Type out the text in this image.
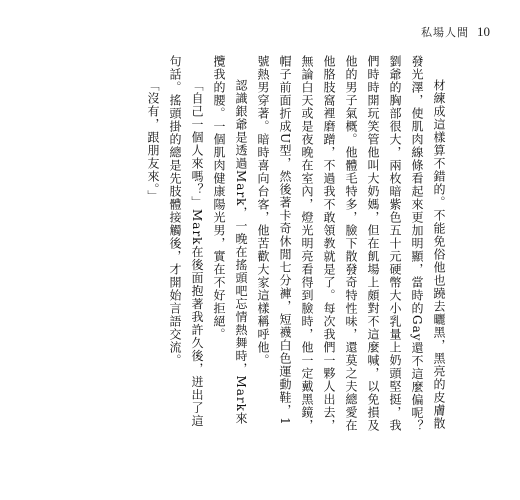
私場人間 10

材練成這樣算不錯的。不能免俗他也蹺去曬黑，黑亮的皮膚散發光澤，使肌肉線條看起來更加明顯，當時的Gay還不這麼偏呢？劉爺的胸部很大，兩枚暗紫色五十元硬幣大小乳量上奶頭堅挺，我們時時開玩笑管他叫大奶媽，但在飢場上頗對不這麼喊，以免損及他的男子氣概。他體毛特多，臉下散發奇特性味，還莫之夫總愛在他胳肢窩裡磨蹭，不過我不敢領教就是了。每次我們一夥人出去，無論白天或是夜晚在室內，燈光明亮看得到臉時，他一定戴黑鏡，帽子前面折成U型，然後著卡奇休閒七分褲，短襪白色運動鞋，1號熱男穿著。暗時喜向台客，他苦歡大家這樣稱呼他。

認識銀爺是透過Mark，一晚在搖頭吧忘情熱舞時，Mark來攬我的腰。一個肌肉健康陽光男，實在不好拒絕。

「自己一個人來嗎？」Mark在後面抱著我許久後，迸出了這句話。搖頭掛的總是先肢體接觸後，才開始言語交流。

「沒有，跟朋友來。」
